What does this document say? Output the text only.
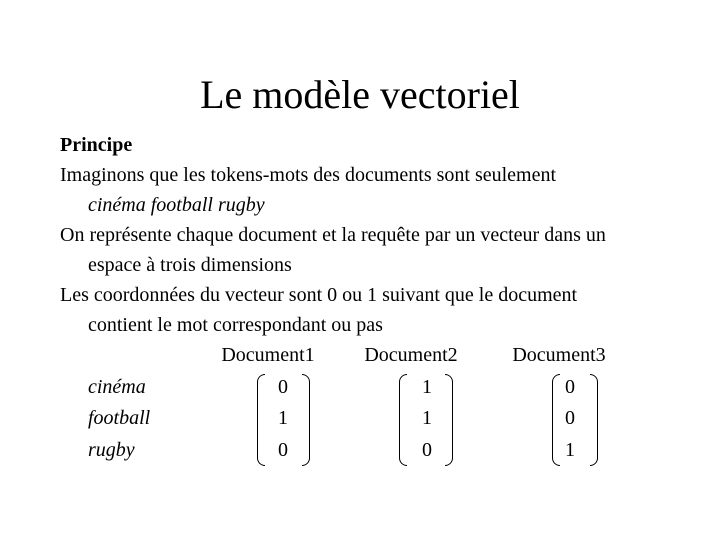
Le modèle vectoriel
Principe
Imaginons que les tokens-mots des documents sont seulement
cinéma football rugby
On représente chaque document et la requête par un vecteur dans un
espace à trois dimensions
Les coordonnées du vecteur sont 0 ou 1 suivant que le document
contient le mot correspondant ou pas
Document1	Document2	Document3
cinéma
football
rugby
0
1
0
1
1
0
0
0
1
